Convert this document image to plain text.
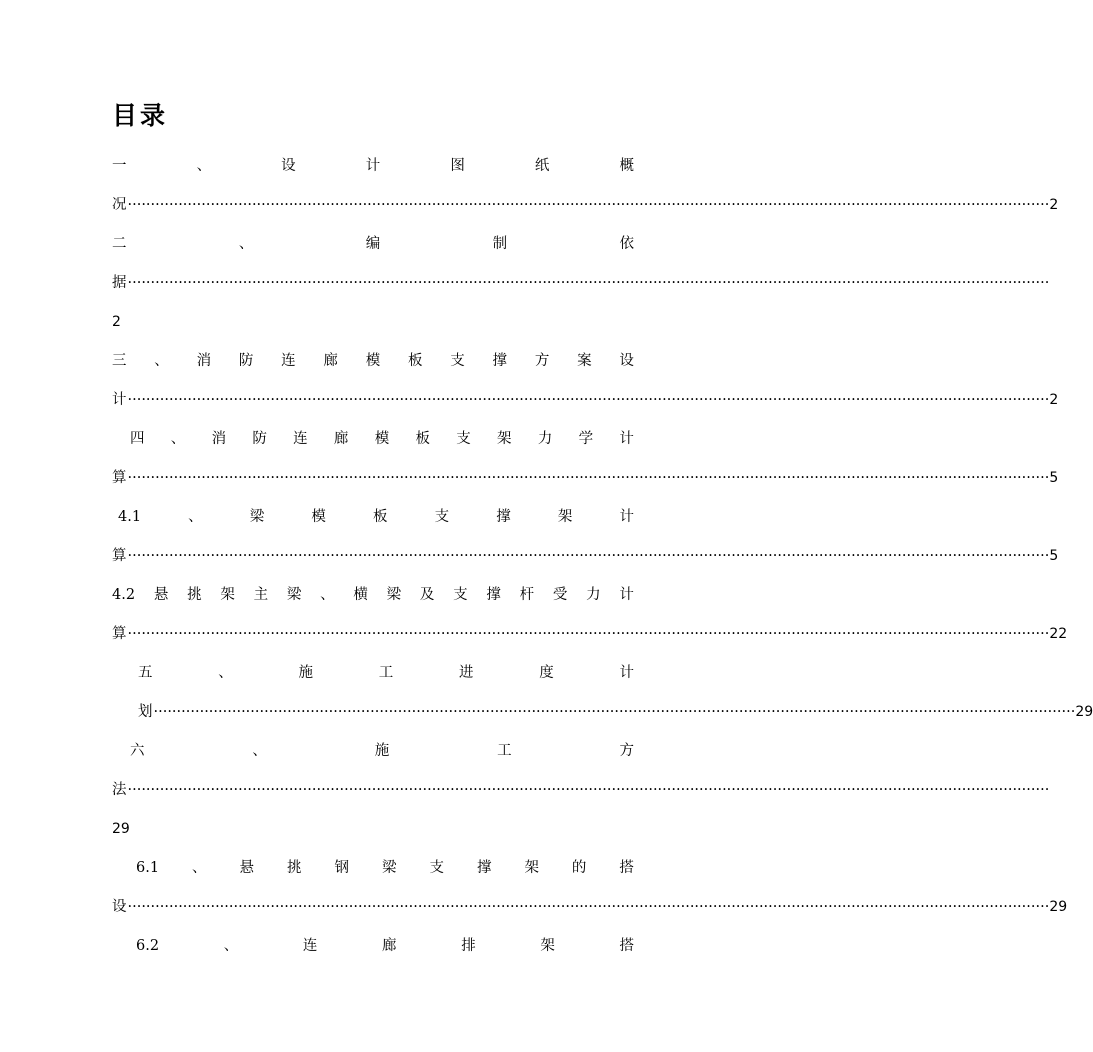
目录
一	、	设	计	图	纸	概
况 ········································································································································································································ 2
二	、	编	制	依
据 ········································································································································································································
2
三 、 消 防 连 廊 模 板 支 撑 方 案 设
计 ········································································································································································································ 2
四 、 消 防 连 廊 模 板 支 架 力 学 计
算 ········································································································································································································ 5
4.1	、	梁	模	板	支	撑	架	计
算 ········································································································································································································ 5
4.2 悬 挑 架 主 梁 、 横 梁 及 支 撑 杆 受 力 计
算 ········································································································································································································ 22
五	、	施	工	进	度	计
划 ········································································································································································································ 29
六	、	施	工	方
法 ········································································································································································································
29
6.1 、 悬 挑 钢 梁 支 撑 架 的 搭
设 ········································································································································································································ 29
6.2	、	连	廊	排	架	搭
